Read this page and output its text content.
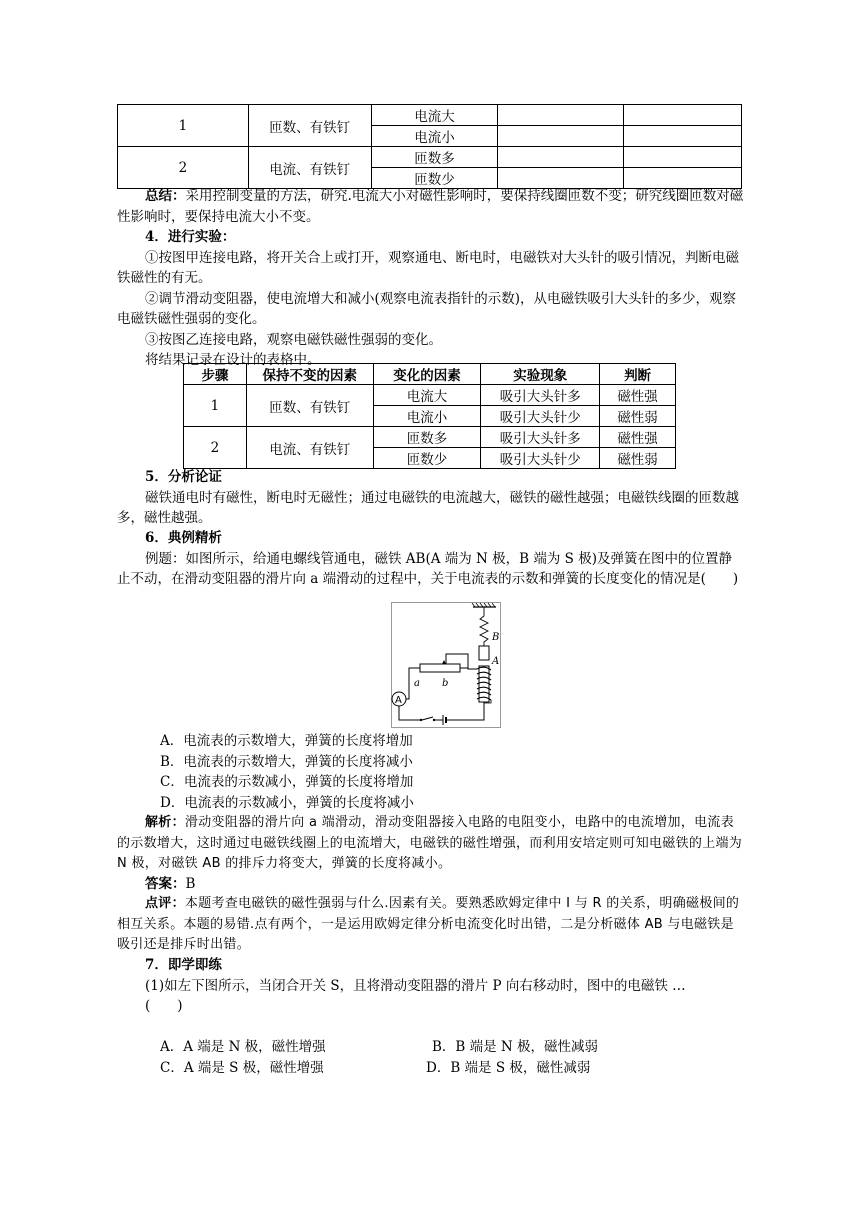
1	匝数、有铁钉	电流大		
		电流小		
2	电流、有铁钉	匝数多		
		匝数少		

总结：采用控制变量的方法，研究.电流大小对磁性影响时，要保持线圈匝数不变；研究线圈匝数对磁性影响时，要保持电流大小不变。

4．进行实验：

①按图甲连接电路，将开关合上或打开，观察通电、断电时，电磁铁对大头针的吸引情况，判断电磁铁磁性的有无。

②调节滑动变阻器，使电流增大和减小(观察电流表指针的示数)，从电磁铁吸引大头针的多少，观察电磁铁磁性强弱的变化。

③按图乙连接电路，观察电磁铁磁性强弱的变化。

将结果记录在设计的表格中。

步骤	保持不变的因素	变化的因素	实验现象	判断
1	匝数、有铁钉	电流大	吸引大头针多	磁性强
		电流小	吸引大头针少	磁性弱
2	电流、有铁钉	匝数多	吸引大头针多	磁性强
		匝数少	吸引大头针少	磁性弱

5．分析论证

磁铁通电时有磁性，断电时无磁性；通过电磁铁的电流越大，磁铁的磁性越强；电磁铁线圈的匝数越多，磁性越强。

6．典例精析

例题：如图所示，给通电螺线管通电，磁铁 AB(A 端为 N 极，B 端为 S 极)及弹簧在图中的位置静止不动，在滑动变阻器的滑片向 a 端滑动的过程中，关于电流表的示数和弹簧的长度变化的情况是(　　)

B
A
a b
A

A．电流表的示数增大，弹簧的长度将增加

B．电流表的示数增大，弹簧的长度将减小

C．电流表的示数减小，弹簧的长度将增加

D．电流表的示数减小，弹簧的长度将减小

解析：滑动变阻器的滑片向 a 端滑动，滑动变阻器接入电路的电阻变小，电路中的电流增加，电流表的示数增大，这时通过电磁铁线圈上的电流增大，电磁铁的磁性增强，而利用安培定则可知电磁铁的上端为 N 极，对磁铁 AB 的排斥力将变大，弹簧的长度将减小。

答案：B

点评：本题考查电磁铁的磁性强弱与什么.因素有关。要熟悉欧姆定律中 I 与 R 的关系，明确磁极间的相互关系。本题的易错.点有两个，一是运用欧姆定律分析电流变化时出错，二是分析磁体 AB 与电磁铁是吸引还是排斥时出错。

7．即学即练

(1)如左下图所示，当闭合开关 S，且将滑动变阻器的滑片 P 向右移动时，图中的电磁铁 …

(　　)

A．A 端是 N 极，磁性增强	B．B 端是 N 极，磁性减弱

C．A 端是 S 极，磁性增强	D．B 端是 S 极，磁性减弱
